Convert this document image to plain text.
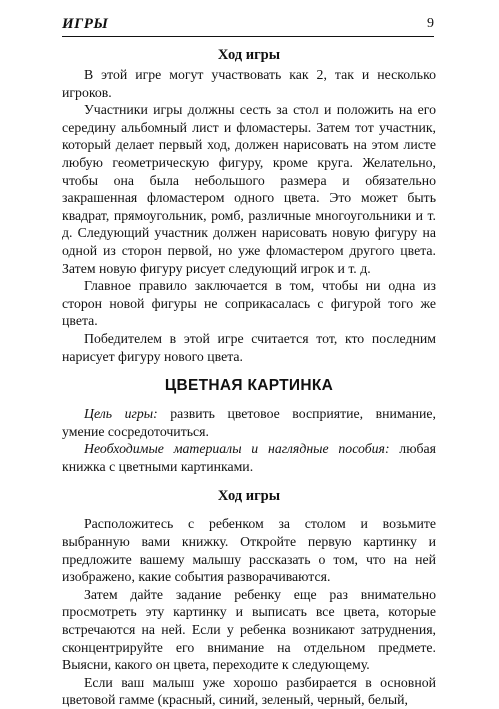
ИГРЫ	9
Ход игры

В этой игре могут участвовать как 2, так и несколько игроков.

Участники игры должны сесть за стол и положить на его середину альбомный лист и фломастеры. Затем тот участник, который делает первый ход, должен нарисовать на этом листе любую геометрическую фигуру, кроме круга. Желательно, чтобы она была небольшого размера и обязательно закрашенная фломастером одного цвета. Это может быть квадрат, прямоугольник, ромб, различные многоугольники и т. д. Следующий участник должен нарисовать новую фигуру на одной из сторон первой, но уже фломастером другого цвета. Затем новую фигуру рисует следующий игрок и т. д.

Главное правило заключается в том, чтобы ни одна из сторон новой фигуры не соприкасалась с фигурой того же цвета.

Победителем в этой игре считается тот, кто последним нарисует фигуру нового цвета.

ЦВЕТНАЯ КАРТИНКА

Цель игры: развить цветовое восприятие, внимание, умение сосредоточиться.

Необходимые материалы и наглядные пособия: любая книжка с цветными картинками.

Ход игры

Расположитесь с ребенком за столом и возьмите выбранную вами книжку. Откройте первую картинку и предложите вашему малышу рассказать о том, что на ней изображено, какие события разворачиваются.

Затем дайте задание ребенку еще раз внимательно просмотреть эту картинку и выписать все цвета, которые встречаются на ней. Если у ребенка возникают затруднения, сконцентрируйте его внимание на отдельном предмете. Выясни, какого он цвета, переходите к следующему.

Если ваш малыш уже хорошо разбирается в основной цветовой гамме (красный, синий, зеленый, черный, белый,
